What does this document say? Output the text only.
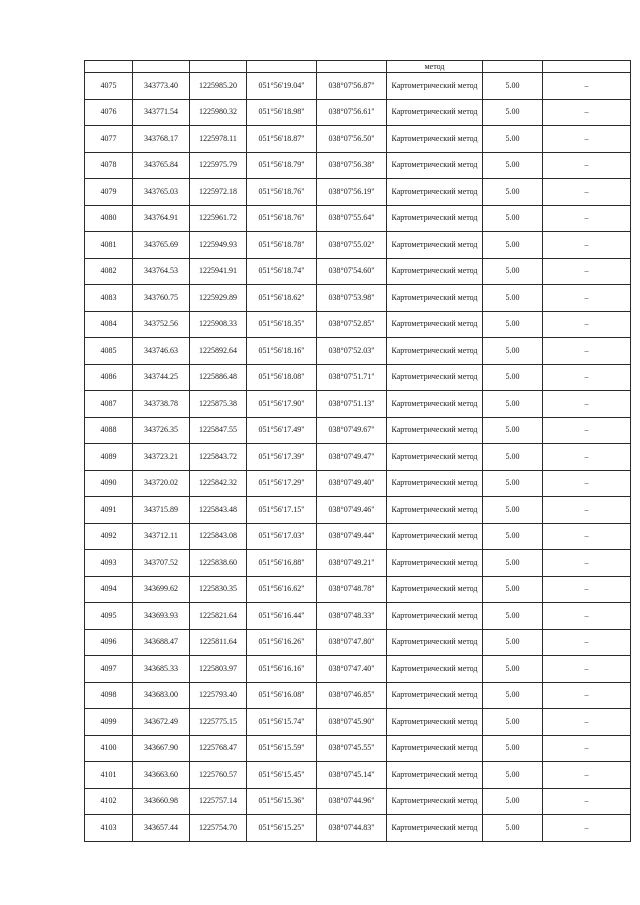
					метод		
4075	343773.40	1225985.20	051°56'19.04"	038°07'56.87"	Картометрический метод	5.00	–
4076	343771.54	1225980.32	051°56'18.98"	038°07'56.61"	Картометрический метод	5.00	–
4077	343768.17	1225978.11	051°56'18.87"	038°07'56.50"	Картометрический метод	5.00	–
4078	343765.84	1225975.79	051°56'18.79"	038°07'56.38"	Картометрический метод	5.00	–
4079	343765.03	1225972.18	051°56'18.76"	038°07'56.19"	Картометрический метод	5.00	–
4080	343764.91	1225961.72	051°56'18.76"	038°07'55.64"	Картометрический метод	5.00	–
4081	343765.69	1225949.93	051°56'18.78"	038°07'55.02"	Картометрический метод	5.00	–
4082	343764.53	1225941.91	051°56'18.74"	038°07'54.60"	Картометрический метод	5.00	–
4083	343760.75	1225929.89	051°56'18.62"	038°07'53.98"	Картометрический метод	5.00	–
4084	343752.56	1225908.33	051°56'18.35"	038°07'52.85"	Картометрический метод	5.00	–
4085	343746.63	1225892.64	051°56'18.16"	038°07'52.03"	Картометрический метод	5.00	–
4086	343744.25	1225886.48	051°56'18.08"	038°07'51.71"	Картометрический метод	5.00	–
4087	343738.78	1225875.38	051°56'17.90"	038°07'51.13"	Картометрический метод	5.00	–
4088	343726.35	1225847.55	051°56'17.49"	038°07'49.67"	Картометрический метод	5.00	–
4089	343723.21	1225843.72	051°56'17.39"	038°07'49.47"	Картометрический метод	5.00	–
4090	343720.02	1225842.32	051°56'17.29"	038°07'49.40"	Картометрический метод	5.00	–
4091	343715.89	1225843.48	051°56'17.15"	038°07'49.46"	Картометрический метод	5.00	–
4092	343712.11	1225843.08	051°56'17.03"	038°07'49.44"	Картометрический метод	5.00	–
4093	343707.52	1225838.60	051°56'16.88"	038°07'49.21"	Картометрический метод	5.00	–
4094	343699.62	1225830.35	051°56'16.62"	038°07'48.78"	Картометрический метод	5.00	–
4095	343693.93	1225821.64	051°56'16.44"	038°07'48.33"	Картометрический метод	5.00	–
4096	343688.47	1225811.64	051°56'16.26"	038°07'47.80"	Картометрический метод	5.00	–
4097	343685.33	1225803.97	051°56'16.16"	038°07'47.40"	Картометрический метод	5.00	–
4098	343683.00	1225793.40	051°56'16.08"	038°07'46.85"	Картометрический метод	5.00	–
4099	343672.49	1225775.15	051°56'15.74"	038°07'45.90"	Картометрический метод	5.00	–
4100	343667.90	1225768.47	051°56'15.59"	038°07'45.55"	Картометрический метод	5.00	–
4101	343663.60	1225760.57	051°56'15.45"	038°07'45.14"	Картометрический метод	5.00	–
4102	343660.98	1225757.14	051°56'15.36"	038°07'44.96"	Картометрический метод	5.00	–
4103	343657.44	1225754.70	051°56'15.25"	038°07'44.83"	Картометрический метод	5.00	–
